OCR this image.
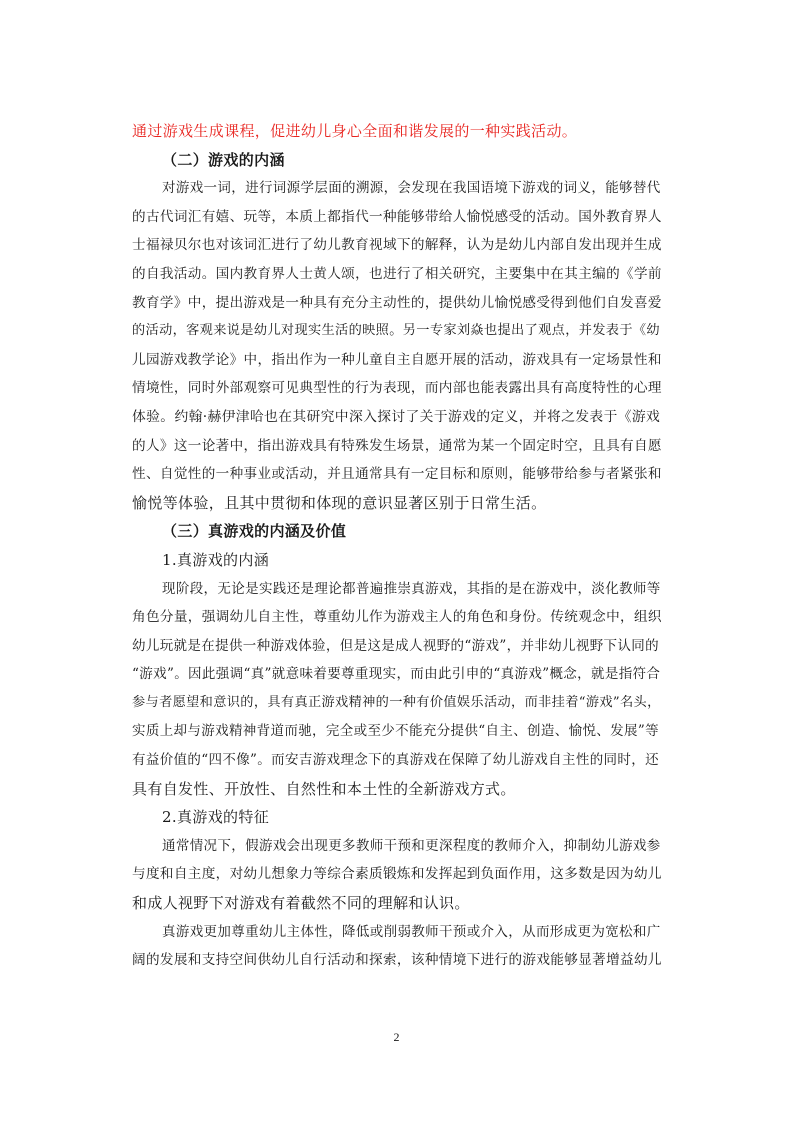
通过游戏生成课程，促进幼儿身心全面和谐发展的一种实践活动。
（二）游戏的内涵
对游戏一词，进行词源学层面的溯源，会发现在我国语境下游戏的词义，能够替代
的古代词汇有嬉、玩等，本质上都指代一种能够带给人愉悦感受的活动。国外教育界人
士福禄贝尔也对该词汇进行了幼儿教育视域下的解释，认为是幼儿内部自发出现并生成
的自我活动。国内教育界人士黄人颂，也进行了相关研究，主要集中在其主编的《学前
教育学》中，提出游戏是一种具有充分主动性的，提供幼儿愉悦感受得到他们自发喜爱
的活动，客观来说是幼儿对现实生活的映照。另一专家刘焱也提出了观点，并发表于《幼
儿园游戏教学论》中，指出作为一种儿童自主自愿开展的活动，游戏具有一定场景性和
情境性，同时外部观察可见典型性的行为表现，而内部也能表露出具有高度特性的心理
体验。约翰·赫伊津哈也在其研究中深入探讨了关于游戏的定义，并将之发表于《游戏
的人》这一论著中，指出游戏具有特殊发生场景，通常为某一个固定时空，且具有自愿
性、自觉性的一种事业或活动，并且通常具有一定目标和原则，能够带给参与者紧张和
愉悦等体验，且其中贯彻和体现的意识显著区别于日常生活。
（三）真游戏的内涵及价值
1.真游戏的内涵
现阶段，无论是实践还是理论都普遍推崇真游戏，其指的是在游戏中，淡化教师等
角色分量，强调幼儿自主性，尊重幼儿作为游戏主人的角色和身份。传统观念中，组织
幼儿玩就是在提供一种游戏体验，但是这是成人视野的“游戏”，并非幼儿视野下认同的
“游戏”。因此强调“真”就意味着要尊重现实，而由此引申的“真游戏”概念，就是指符合
参与者愿望和意识的，具有真正游戏精神的一种有价值娱乐活动，而非挂着“游戏”名头，
实质上却与游戏精神背道而驰，完全或至少不能充分提供“自主、创造、愉悦、发展”等
有益价值的“四不像”。而安吉游戏理念下的真游戏在保障了幼儿游戏自主性的同时，还
具有自发性、开放性、自然性和本土性的全新游戏方式。
2.真游戏的特征
通常情况下，假游戏会出现更多教师干预和更深程度的教师介入，抑制幼儿游戏参
与度和自主度，对幼儿想象力等综合素质锻炼和发挥起到负面作用，这多数是因为幼儿
和成人视野下对游戏有着截然不同的理解和认识。
真游戏更加尊重幼儿主体性，降低或削弱教师干预或介入，从而形成更为宽松和广
阔的发展和支持空间供幼儿自行活动和探索，该种情境下进行的游戏能够显著增益幼儿
2
